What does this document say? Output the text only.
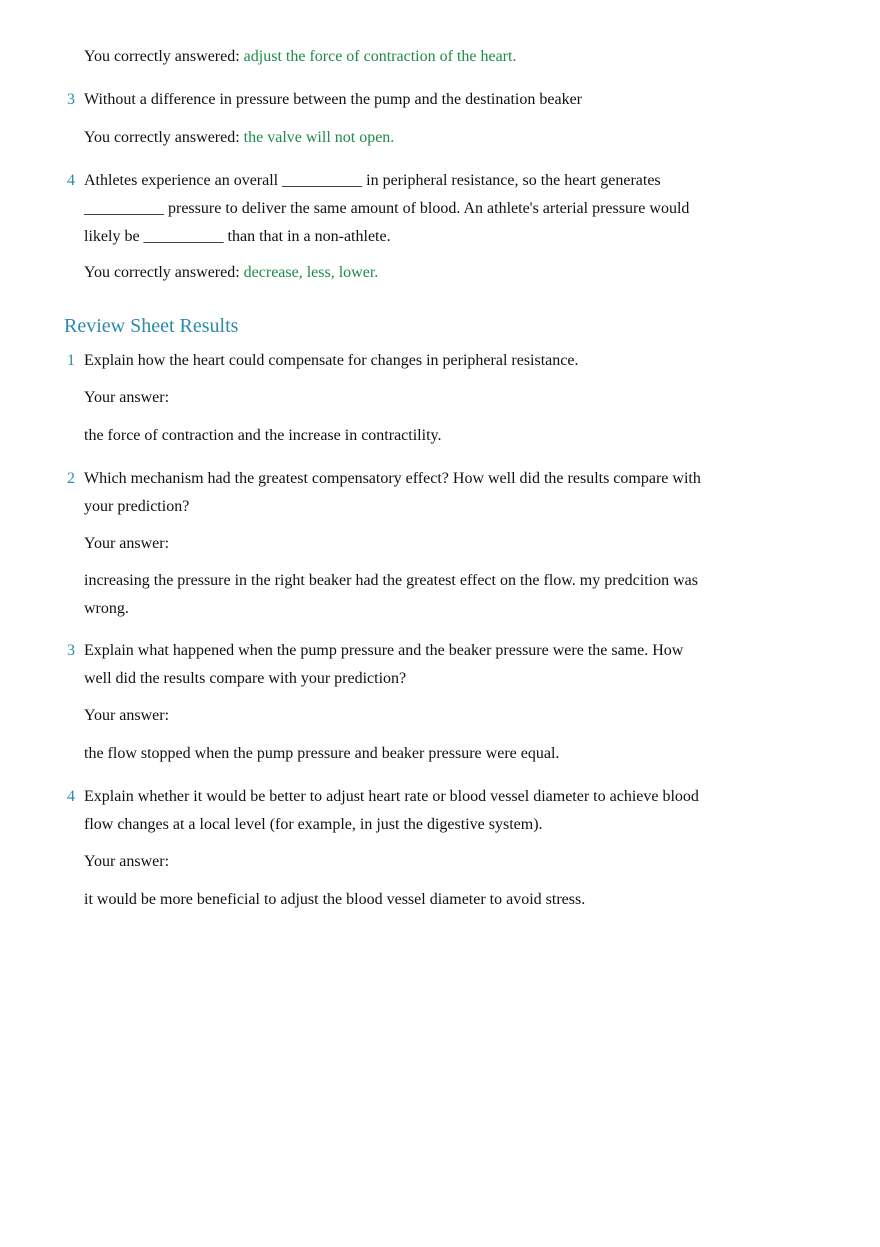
You correctly answered: adjust the force of contraction of the heart.
3 Without a difference in pressure between the pump and the destination beaker
You correctly answered: the valve will not open.
4 Athletes experience an overall __________ in peripheral resistance, so the heart generates __________ pressure to deliver the same amount of blood. An athlete's arterial pressure would likely be __________ than that in a non-athlete.
You correctly answered: decrease, less, lower.
Review Sheet Results
1 Explain how the heart could compensate for changes in peripheral resistance.
Your answer:
the force of contraction and the increase in contractility.
2 Which mechanism had the greatest compensatory effect? How well did the results compare with your prediction?
Your answer:
increasing the pressure in the right beaker had the greatest effect on the flow. my predcition was wrong.
3 Explain what happened when the pump pressure and the beaker pressure were the same. How well did the results compare with your prediction?
Your answer:
the flow stopped when the pump pressure and beaker pressure were equal.
4 Explain whether it would be better to adjust heart rate or blood vessel diameter to achieve blood flow changes at a local level (for example, in just the digestive system).
Your answer:
it would be more beneficial to adjust the blood vessel diameter to avoid stress.
